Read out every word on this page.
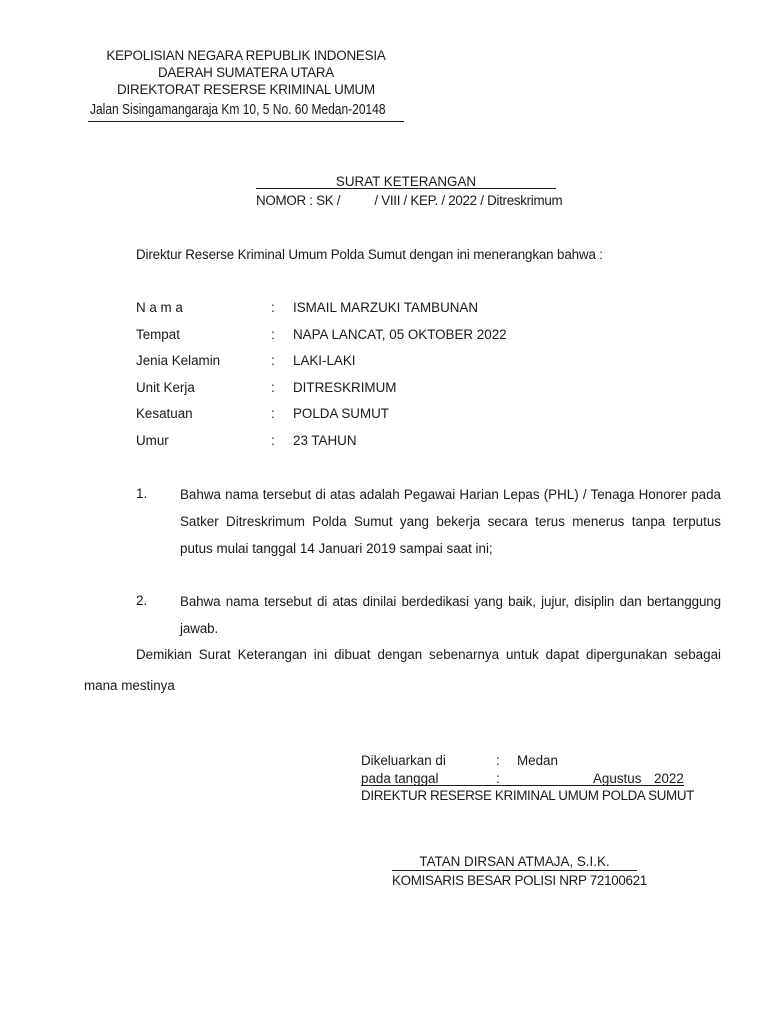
KEPOLISIAN NEGARA REPUBLIK INDONESIA
DAERAH SUMATERA UTARA
DIREKTORAT RESERSE KRIMINAL UMUM
Jalan Sisingamangaraja Km 10, 5 No. 60 Medan-20148
SURAT KETERANGAN
NOMOR : SK /          / VIII / KEP. / 2022 / Ditreskrimum
Direktur Reserse Kriminal Umum Polda Sumut dengan ini menerangkan bahwa :
N a m a	: ISMAIL MARZUKI TAMBUNAN
Tempat	: NAPA LANCAT, 05 OKTOBER 2022
Jenia Kelamin	: LAKI-LAKI
Unit Kerja	: DITRESKRIMUM
Kesatuan	: POLDA SUMUT
Umur	: 23 TAHUN
1. Bahwa nama tersebut di atas adalah Pegawai Harian Lepas (PHL) / Tenaga Honorer pada Satker Ditreskrimum Polda Sumut yang bekerja secara terus menerus tanpa terputus putus mulai tanggal 14 Januari 2019 sampai saat ini;
2. Bahwa nama tersebut di atas dinilai berdedikasi yang baik, jujur, disiplin dan bertanggung jawab.
Demikian Surat Keterangan ini dibuat dengan sebenarnya untuk dapat dipergunakan sebagai mana mestinya
Dikeluarkan di	: Medan
pada tanggal	:	Agustus 2022
DIREKTUR RESERSE KRIMINAL UMUM POLDA SUMUT
TATAN DIRSAN ATMAJA, S.I.K.
KOMISARIS BESAR POLISI NRP 72100621
